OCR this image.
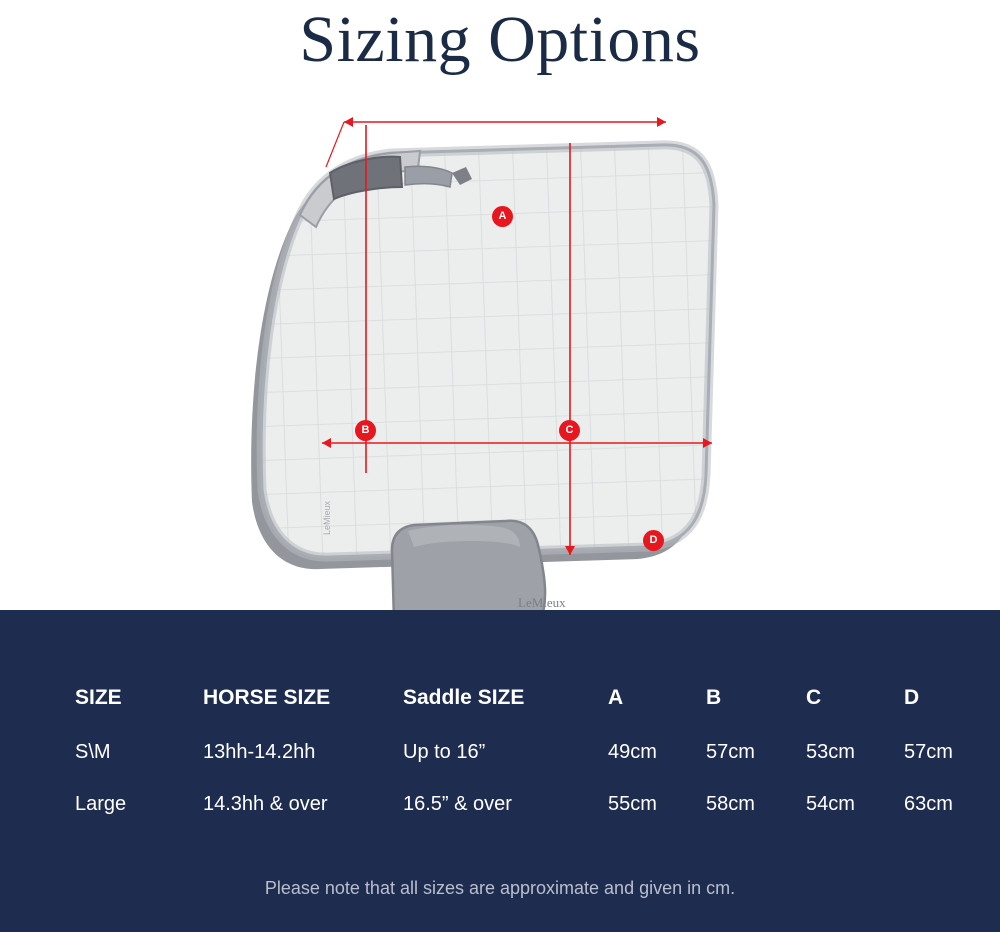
Sizing Options
LeMieux
LeMieux
A
B	C
D
SIZE	HORSE SIZE	Saddle SIZE	A	B	C	D
S\M	13hh-14.2hh	Up to 16”	49cm	57cm	53cm	57cm
Large	14.3hh & over	16.5” & over	55cm	58cm	54cm	63cm
Please note that all sizes are approximate and given in cm.
